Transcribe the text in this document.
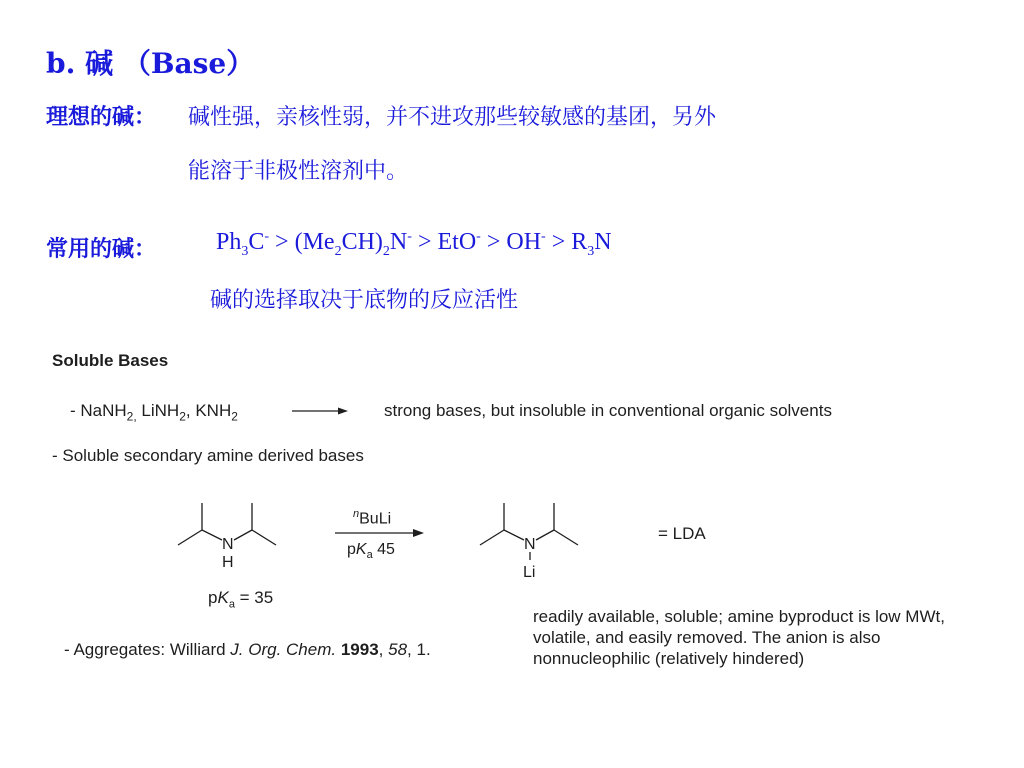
b. 碱 （Base）
理想的碱： 碱性强，亲核性弱，并不进攻那些较敏感的基团，另外
能溶于非极性溶剂中。
常用的碱： $Ph_3C^- > (Me_2CH)_2N^- > EtO^- > OH^- > R_3N$
碱的选择取决于底物的反应活性
Soluble Bases
- NaNH$_{2,}$ LiNH$_2$, $KNH_2$	strong bases, but insoluble in conventional organic solvents
- Soluble secondary amine derived bases
$^n$BuLi
$pK_a$ 45
= LDA
$pK_a = 35$
- Aggregates: Williard J. Org. Chem. 1993, 58, 1.
readily available, soluble; amine byproduct is low MWt, volatile, and easily removed. The anion is also nonnucleophilic (relatively hindered)
N
H
N
Li
